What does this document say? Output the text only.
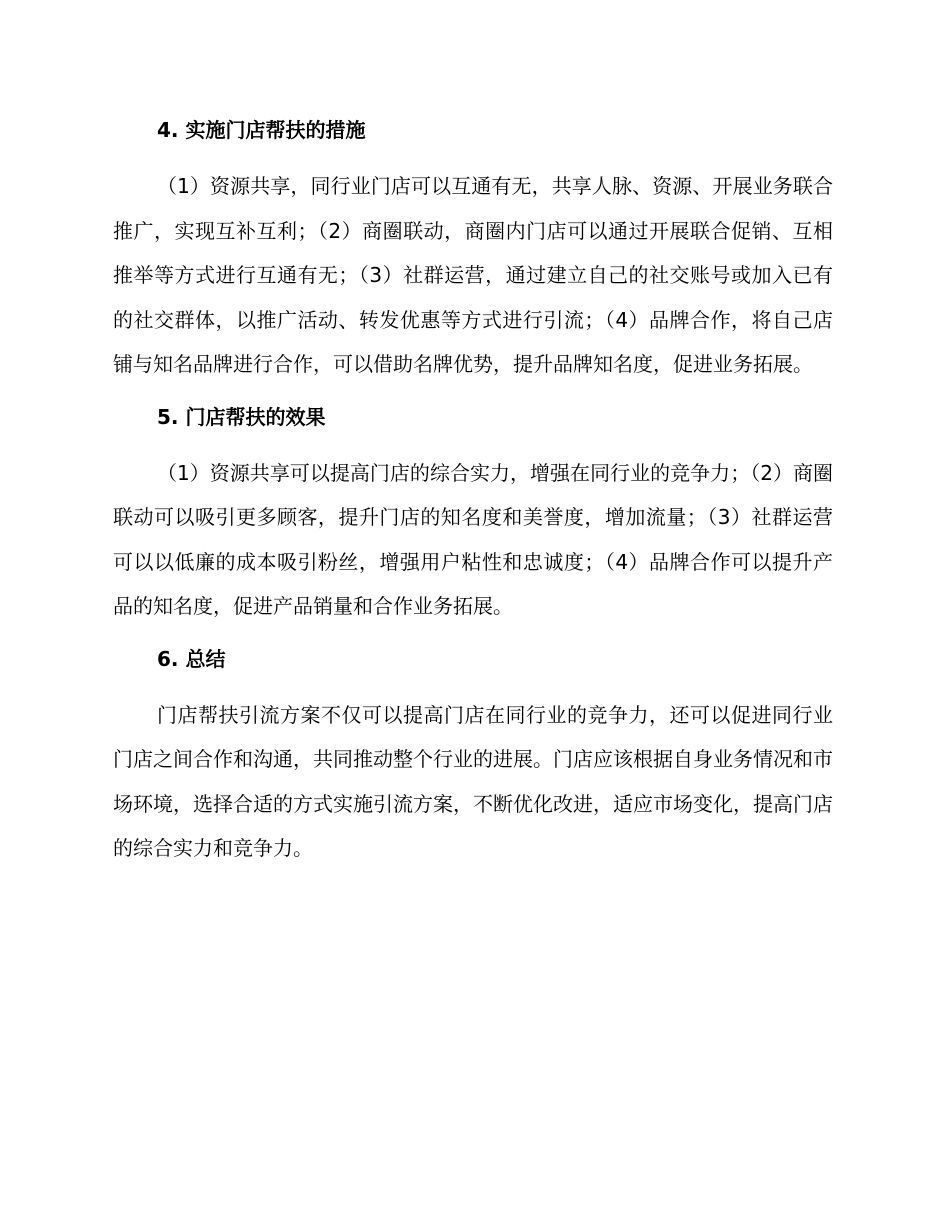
4. 实施门店帮扶的措施

（1）资源共享，同行业门店可以互通有无，共享人脉、资源、开展业务联合推广，实现互补互利；（2）商圈联动，商圈内门店可以通过开展联合促销、互相推举等方式进行互通有无；（3）社群运营，通过建立自己的社交账号或加入已有的社交群体，以推广活动、转发优惠等方式进行引流；（4）品牌合作，将自己店铺与知名品牌进行合作，可以借助名牌优势，提升品牌知名度，促进业务拓展。

5. 门店帮扶的效果

（1）资源共享可以提高门店的综合实力，增强在同行业的竞争力；（2）商圈联动可以吸引更多顾客，提升门店的知名度和美誉度，增加流量；（3）社群运营可以以低廉的成本吸引粉丝，增强用户粘性和忠诚度；（4）品牌合作可以提升产品的知名度，促进产品销量和合作业务拓展。

6. 总结

门店帮扶引流方案不仅可以提高门店在同行业的竞争力，还可以促进同行业门店之间合作和沟通，共同推动整个行业的进展。门店应该根据自身业务情况和市场环境，选择合适的方式实施引流方案，不断优化改进，适应市场变化，提高门店的综合实力和竞争力。
